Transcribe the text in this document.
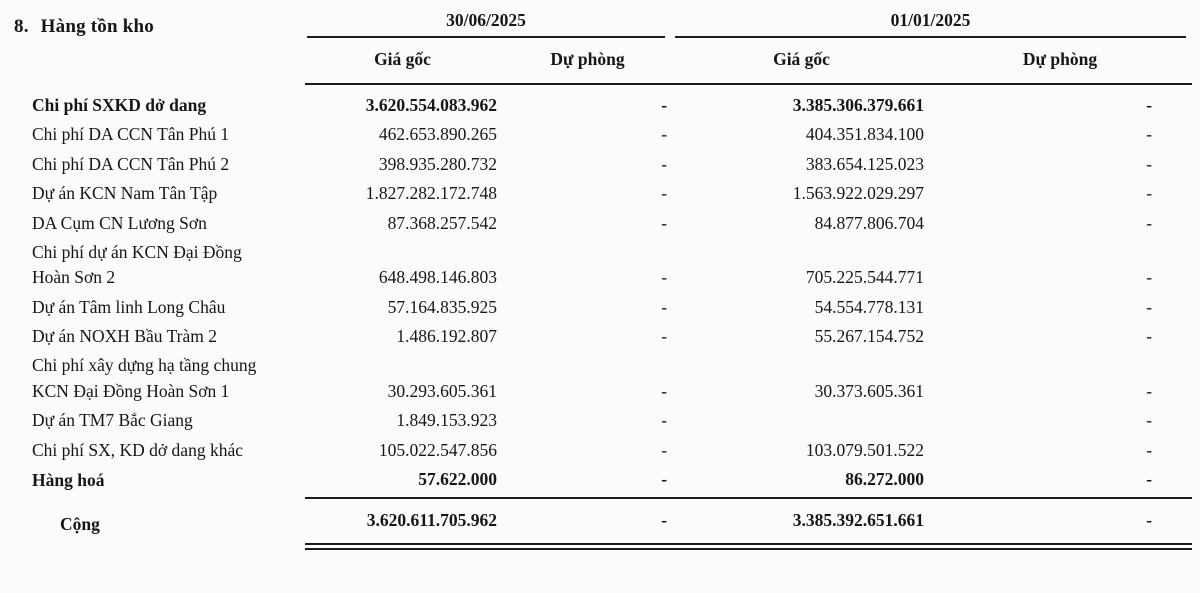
8. Hàng tồn kho

	30/06/2025		01/01/2025	

	Giá gốc	Dự phòng	Giá gốc	Dự phòng
Chi phí SXKD dở dang	3.620.554.083.962	-	3.385.306.379.661	-
Chi phí DA CCN Tân Phú 1	462.653.890.265	-	404.351.834.100	-
Chi phí DA CCN Tân Phú 2	398.935.280.732	-	383.654.125.023	-
Dự án KCN Nam Tân Tập	1.827.282.172.748	-	1.563.922.029.297	-
DA Cụm CN Lương Sơn	87.368.257.542	-	84.877.806.704	-
Chi phí dự án KCN Đại Đồng Hoàn Sơn 2	648.498.146.803	-	705.225.544.771	-
Dự án Tâm linh Long Châu	57.164.835.925	-	54.554.778.131	-
Dự án NOXH Bầu Tràm 2	1.486.192.807	-	55.267.154.752	-
Chi phí xây dựng hạ tầng chung KCN Đại Đồng Hoàn Sơn 1	30.293.605.361	-	30.373.605.361	-
Dự án TM7 Bắc Giang	1.849.153.923	-		-
Chi phí SX, KD dở dang khác	105.022.547.856	-	103.079.501.522	-
Hàng hoá	57.622.000	-	86.272.000	-
Cộng	3.620.611.705.962	-	3.385.392.651.661	-
